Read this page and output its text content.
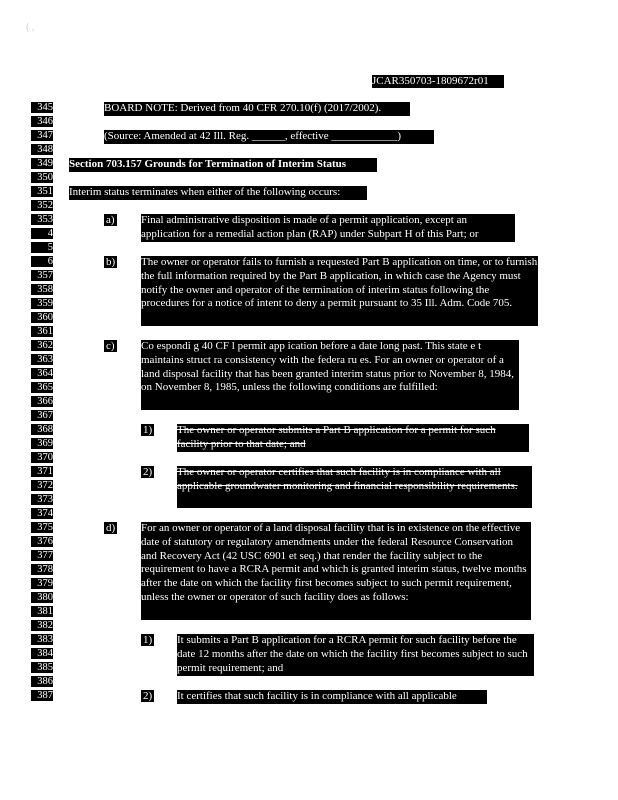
( ,
JCAR350703-1809672r01
345
346
347
348
349
350
351
352
353
4
5
6
357
358
359
360
361
362
363
364
365
366
367
368
369
370
371
372
373
374
375
376
377
378
379
380
381
382
383
384
385
386
387
BOARD NOTE: Derived from 40 CFR 270.10(f) (2017/2002).
(Source: Amended at 42 Ill. Reg. ______, effective ____________)
Section 703.157 Grounds for Termination of Interim Status
Interim status terminates when either of the following occurs:
a) Final administrative disposition is made of a permit application, except an application for a remedial action plan (RAP) under Subpart H of this Part; or
b) The owner or operator fails to furnish a requested Part B application on time, or to furnish the full information required by the Part B application, in which case the Agency must notify the owner and operator of the termination of interim status following the procedures for a notice of intent to deny a permit pursuant to 35 Ill. Adm. Code 705.
c) Co espondi g 40 CF l permit app ication before a date long past. This state e t maintains struct ra consistency with the federa ru es. For an owner or operator of a land disposal facility that has been granted interim status prior to November 8, 1984, on November 8, 1985, unless the following conditions are fulfilled:
1) The owner or operator submits a Part B application for a permit for such facility prior to that date; and
2) The owner or operator certifies that such facility is in compliance with all applicable groundwater monitoring and financial responsibility requirements.
d) For an owner or operator of a land disposal facility that is in existence on the effective date of statutory or regulatory amendments under the federal Resource Conservation and Recovery Act (42 USC 6901 et seq.) that render the facility subject to the requirement to have a RCRA permit and which is granted interim status, twelve months after the date on which the facility first becomes subject to such permit requirement, unless the owner or operator of such facility does as follows:
1) It submits a Part B application for a RCRA permit for such facility before the date 12 months after the date on which the facility first becomes subject to such permit requirement; and
2) It certifies that such facility is in compliance with all applicable
